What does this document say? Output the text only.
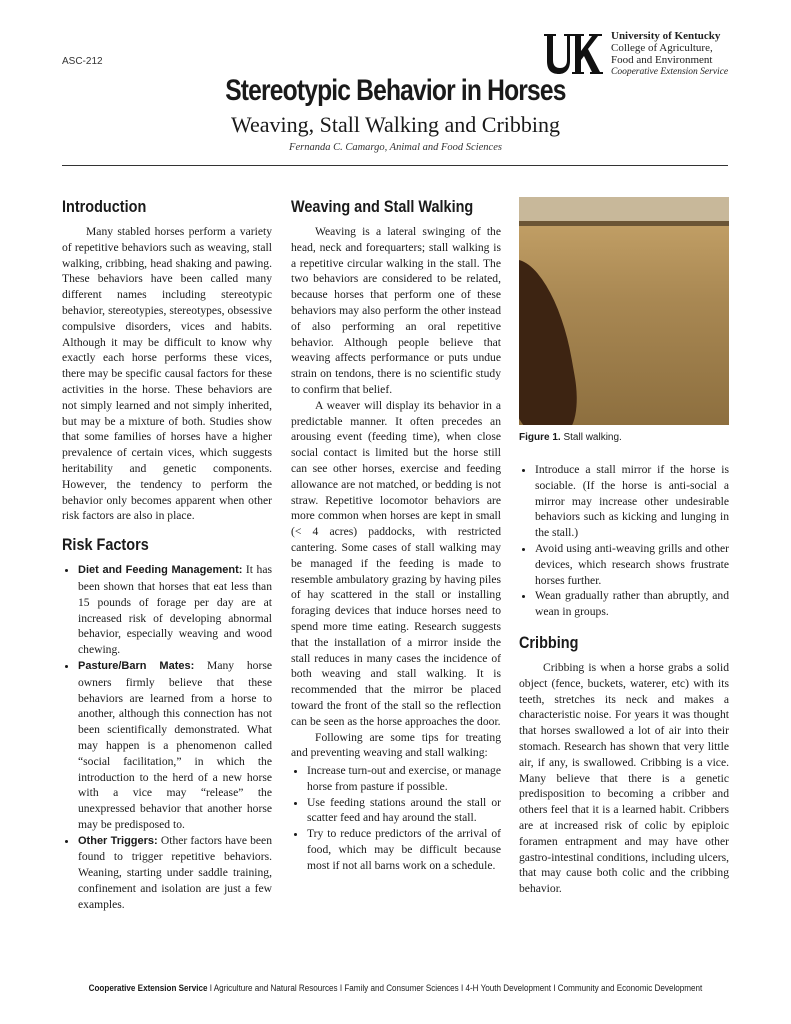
ASC-212
University of Kentucky
College of Agriculture,
Food and Environment
Cooperative Extension Service
Stereotypic Behavior in Horses
Weaving, Stall Walking and Cribbing
Fernanda C. Camargo, Animal and Food Sciences
Introduction

Many stabled horses perform a variety of repetitive behaviors such as weaving, stall walking, cribbing, head shaking and pawing. These behaviors have been called many different names including stereotypic behavior, stereotypies, stereotypes, obsessive compulsive disorders, vices and habits. Although it may be difficult to know why exactly each horse performs these vices, there may be specific causal factors for these activities in the horse. These behaviors are not simply learned and not simply inherited, but may be a mixture of both. Studies show that some families of horses have a higher prevalence of certain vices, which suggests heritability and genetic components. However, the tendency to perform the behavior only becomes apparent when other risk factors are also in place.

Risk Factors
• Diet and Feeding Management: It has been shown that horses that eat less than 15 pounds of forage per day are at increased risk of developing abnormal behavior, especially weaving and wood chewing.
• Pasture/Barn Mates: Many horse owners firmly believe that these behaviors are learned from a horse to another, although this connection has not been scientifically demonstrated. What may happen is a phenomenon called “social facilitation,” in which the introduction to the herd of a new horse with a vice may “release” the unexpressed behavior that another horse may be predisposed to.
• Other Triggers: Other factors have been found to trigger repetitive behaviors. Weaning, starting under saddle training, confinement and isolation are just a few examples.
Weaving and Stall Walking

Weaving is a lateral swinging of the head, neck and forequarters; stall walking is a repetitive circular walking in the stall. The two behaviors are considered to be related, because horses that perform one of these behaviors may also perform the other instead of also performing an oral repetitive behavior. Although people believe that weaving affects performance or puts undue strain on tendons, there is no scientific study to confirm that belief.

A weaver will display its behavior in a predictable manner. It often precedes an arousing event (feeding time), when close social contact is limited but the horse still can see other horses, exercise and feeding allowance are not matched, or bedding is not straw. Repetitive locomotor behaviors are more common when horses are kept in small (< 4 acres) paddocks, with restricted cantering. Some cases of stall walking may be managed if the feeding is made to resemble ambulatory grazing by having piles of hay scattered in the stall or installing foraging devices that induce horses need to spend more time eating. Research suggests that the installation of a mirror inside the stall reduces in many cases the incidence of both weaving and stall walking. It is recommended that the mirror be placed toward the front of the stall so the reflection can be seen as the horse approaches the door.

Following are some tips for treating and preventing weaving and stall walking:

• Increase turn-out and exercise, or manage horse from pasture if possible.
• Use feeding stations around the stall or scatter feed and hay around the stall.
• Try to reduce predictors of the arrival of food, which may be difficult because most if not all barns work on a schedule.
Figure 1. Stall walking.
• Introduce a stall mirror if the horse is sociable. (If the horse is anti-social a mirror may increase other undesirable behaviors such as kicking and lunging in the stall.)
• Avoid using anti-weaving grills and other devices, which research shows frustrate horses further.
• Wean gradually rather than abruptly, and wean in groups.
Cribbing

Cribbing is when a horse grabs a solid object (fence, buckets, waterer, etc) with its teeth, stretches its neck and makes a characteristic noise. For years it was thought that horses swallowed a lot of air into their stomach. Research has shown that very little air, if any, is swallowed. Cribbing is a vice. Many believe that there is a genetic predisposition to becoming a cribber and others feel that it is a learned habit. Cribbers are at increased risk of colic by epiploic foramen entrapment and may have other gastro-intestinal conditions, including ulcers, that may cause both colic and the cribbing behavior.

Cooperative Extension Service I Agriculture and Natural Resources I Family and Consumer Sciences I 4-H Youth Development I Community and Economic Development
